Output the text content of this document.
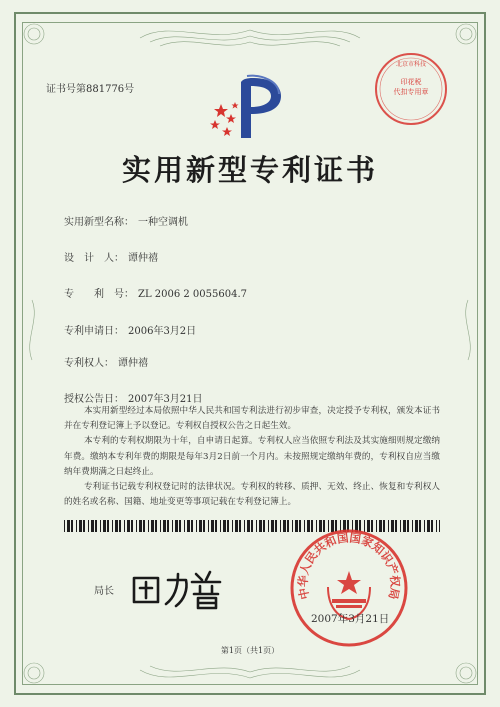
证书号第881776号
印花税
代扣专用章
北京市科技
实用新型专利证书
实用新型名称： 一种空调机
设　计　人： 谭仲禧
专　　利　号： ZL 2006 2 0055604.7
专利申请日： 2006年3月2日
专利权人： 谭仲禧
授权公告日： 2007年3月21日

本实用新型经过本局依照中华人民共和国专利法进行初步审查，决定授予专利权，颁发本证书并在专利登记簿上予以登记。专利权自授权公告之日起生效。

本专利的专利权期限为十年，自申请日起算。专利权人应当依照专利法及其实施细则规定缴纳年费。缴纳本专利年费的期限是每年3月2日前一个月内。未按照规定缴纳年费的，专利权自应当缴纳年费期满之日起终止。

专利证书记载专利权登记时的法律状况。专利权的转移、质押、无效、终止、恢复和专利权人的姓名或名称、国籍、地址变更等事项记载在专利登记簿上。

局长	中华人民共和国国家知识产权局
2007年3月21日
第1页（共1页）
